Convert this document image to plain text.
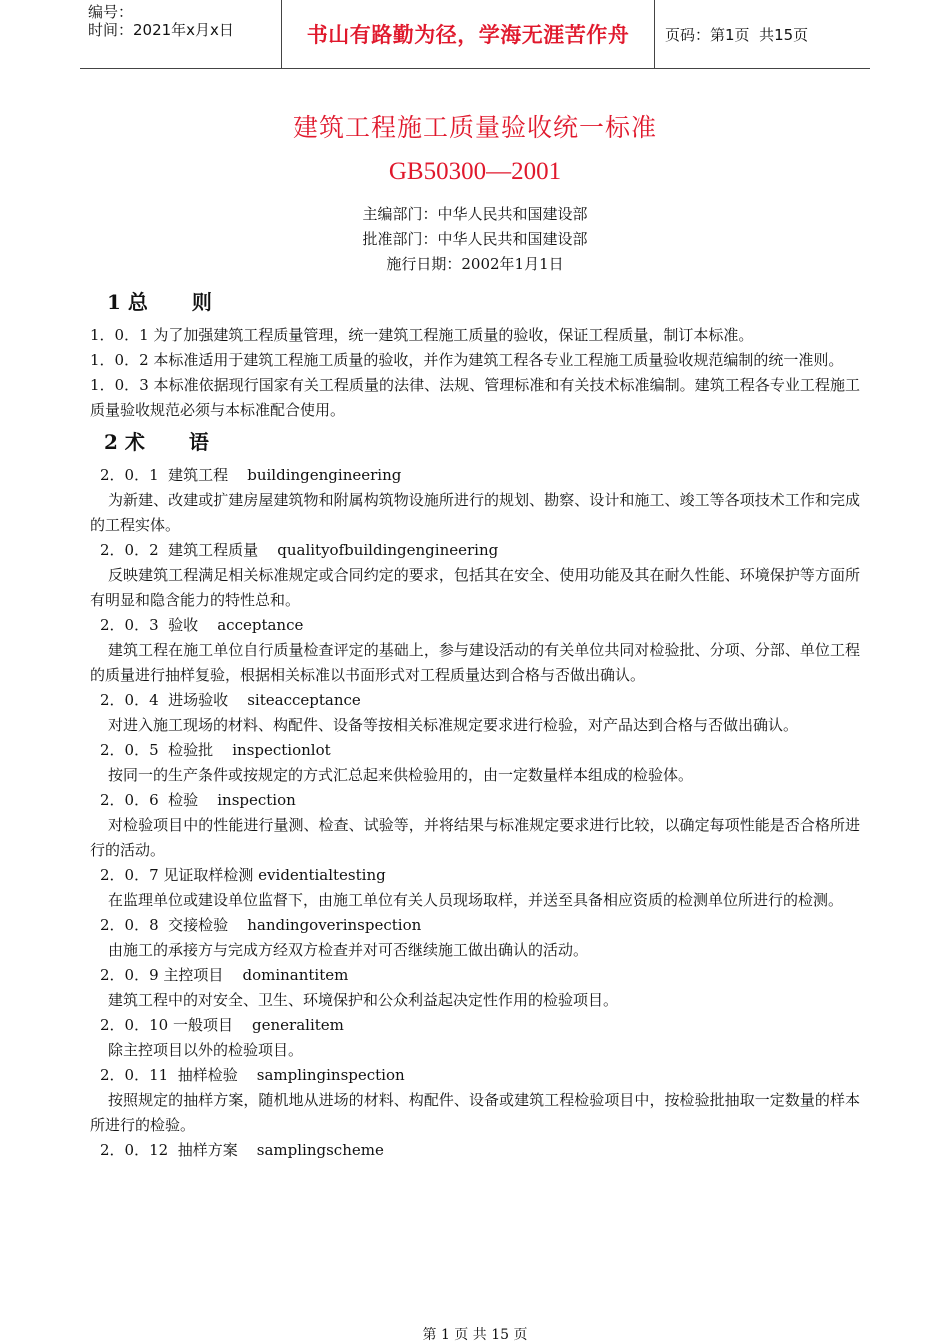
编号：
时间：2021年x月x日	书山有路勤为径，学海无涯苦作舟 页码：第1页  共15页
建筑工程施工质量验收统一标准
GB50300—2001
主编部门：中华人民共和国建设部
批准部门：中华人民共和国建设部
施行日期：2002年1月1日
1 总 则
1．0．1 为了加强建筑工程质量管理，统一建筑工程施工质量的验收，保证工程质量，制订本标准。
1．0．2 本标准适用于建筑工程施工质量的验收，并作为建筑工程各专业工程施工质量验收规范编制的统一准则。
1．0．3 本标准依据现行国家有关工程质量的法律、法规、管理标准和有关技术标准编制。建筑工程各专业工程施工质量验收规范必须与本标准配合使用。
2 术 语
2．0．1  建筑工程    buildingengineering
为新建、改建或扩建房屋建筑物和附属构筑物设施所进行的规划、勘察、设计和施工、竣工等各项技术工作和完成的工程实体。
2．0．2  建筑工程质量    qualityofbuildingengineering
反映建筑工程满足相关标准规定或合同约定的要求，包括其在安全、使用功能及其在耐久性能、环境保护等方面所有明显和隐含能力的特性总和。
2．0．3  验收    acceptance
建筑工程在施工单位自行质量检查评定的基础上，参与建设活动的有关单位共同对检验批、分项、分部、单位工程的质量进行抽样复验，根据相关标准以书面形式对工程质量达到合格与否做出确认。
2．0．4  进场验收    siteacceptance
对进入施工现场的材料、构配件、设备等按相关标准规定要求进行检验，对产品达到合格与否做出确认。
2．0．5  检验批    inspectionlot
按同一的生产条件或按规定的方式汇总起来供检验用的，由一定数量样本组成的检验体。
2．0．6  检验    inspection
对检验项目中的性能进行量测、检查、试验等，并将结果与标准规定要求进行比较，以确定每项性能是否合格所进行的活动。
2．0．7 见证取样检测 evidentialtesting
在监理单位或建设单位监督下，由施工单位有关人员现场取样，并送至具备相应资质的检测单位所进行的检测。
2．0．8  交接检验    handingoverinspection
由施工的承接方与完成方经双方检查并对可否继续施工做出确认的活动。
2．0．9 主控项目    dominantitem
建筑工程中的对安全、卫生、环境保护和公众利益起决定性作用的检验项目。
2．0．10 一般项目    generalitem
除主控项目以外的检验项目。
2．0．11  抽样检验    samplinginspection
按照规定的抽样方案，随机地从进场的材料、构配件、设备或建筑工程检验项目中，按检验批抽取一定数量的样本所进行的检验。
2．0．12  抽样方案    samplingscheme
第 1 页 共 15 页
